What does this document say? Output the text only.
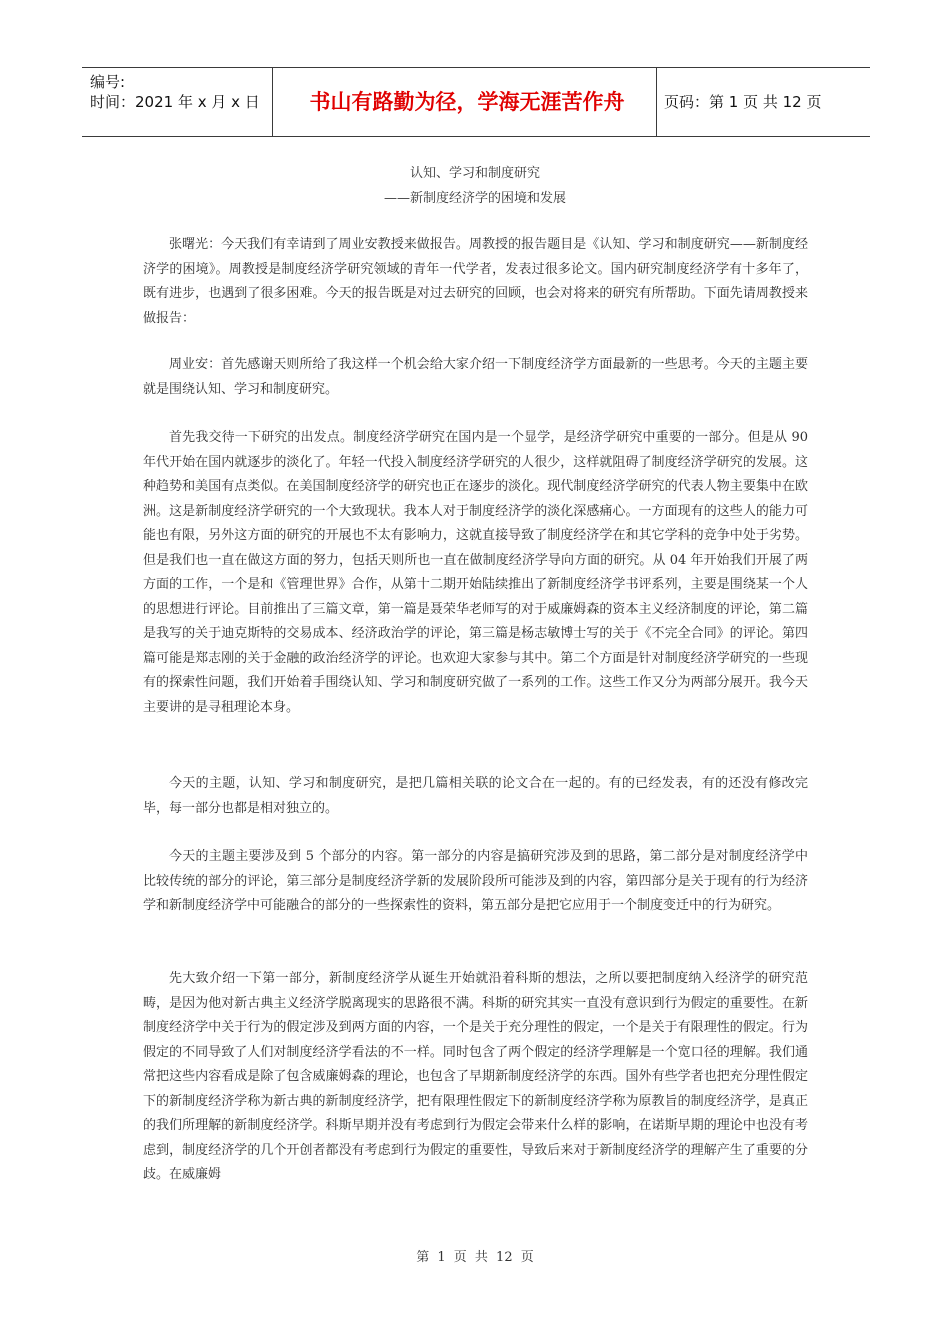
编号:
时间：2021 年 x 月 x 日	书山有路勤为径，学海无涯苦作舟	页码：第 1 页 共 12 页
认知、学习和制度研究
——新制度经济学的困境和发展

张曙光：今天我们有幸请到了周业安教授来做报告。周教授的报告题目是《认知、学习和制度研究——新制度经济学的困境》。周教授是制度经济学研究领域的青年一代学者，发表过很多论文。国内研究制度经济学有十多年了，既有进步，也遇到了很多困难。今天的报告既是对过去研究的回顾，也会对将来的研究有所帮助。下面先请周教授来做报告：

周业安：首先感谢天则所给了我这样一个机会给大家介绍一下制度经济学方面最新的一些思考。今天的主题主要就是围绕认知、学习和制度研究。

首先我交待一下研究的出发点。制度经济学研究在国内是一个显学，是经济学研究中重要的一部分。但是从 90 年代开始在国内就逐步的淡化了。年轻一代投入制度经济学研究的人很少，这样就阻碍了制度经济学研究的发展。这种趋势和美国有点类似。在美国制度经济学的研究也正在逐步的淡化。现代制度经济学研究的代表人物主要集中在欧洲。这是新制度经济学研究的一个大致现状。我本人对于制度经济学的淡化深感痛心。一方面现有的这些人的能力可能也有限，另外这方面的研究的开展也不太有影响力，这就直接导致了制度经济学在和其它学科的竞争中处于劣势。但是我们也一直在做这方面的努力，包括天则所也一直在做制度经济学导向方面的研究。从 04 年开始我们开展了两方面的工作，一个是和《管理世界》合作，从第十二期开始陆续推出了新制度经济学书评系列，主要是围绕某一个人的思想进行评论。目前推出了三篇文章，第一篇是聂荣华老师写的对于威廉姆森的资本主义经济制度的评论，第二篇是我写的关于迪克斯特的交易成本、经济政治学的评论，第三篇是杨志敏博士写的关于《不完全合同》的评论。第四篇可能是郑志刚的关于金融的政治经济学的评论。也欢迎大家参与其中。第二个方面是针对制度经济学研究的一些现有的探索性问题，我们开始着手围绕认知、学习和制度研究做了一系列的工作。这些工作又分为两部分展开。我今天主要讲的是寻租理论本身。

今天的主题，认知、学习和制度研究，是把几篇相关联的论文合在一起的。有的已经发表，有的还没有修改完毕，每一部分也都是相对独立的。

今天的主题主要涉及到 5 个部分的内容。第一部分的内容是搞研究涉及到的思路，第二部分是对制度经济学中比较传统的部分的评论，第三部分是制度经济学新的发展阶段所可能涉及到的内容，第四部分是关于现有的行为经济学和新制度经济学中可能融合的部分的一些探索性的资料，第五部分是把它应用于一个制度变迁中的行为研究。

先大致介绍一下第一部分，新制度经济学从诞生开始就沿着科斯的想法，之所以要把制度纳入经济学的研究范畴，是因为他对新古典主义经济学脱离现实的思路很不满。科斯的研究其实一直没有意识到行为假定的重要性。在新制度经济学中关于行为的假定涉及到两方面的内容，一个是关于充分理性的假定，一个是关于有限理性的假定。行为假定的不同导致了人们对制度经济学看法的不一样。同时包含了两个假定的经济学理解是一个宽口径的理解。我们通常把这些内容看成是除了包含威廉姆森的理论，也包含了早期新制度经济学的东西。国外有些学者也把充分理性假定下的新制度经济学称为新古典的新制度经济学，把有限理性假定下的新制度经济学称为原教旨的制度经济学，是真正的我们所理解的新制度经济学。科斯早期并没有考虑到行为假定会带来什么样的影响，在诺斯早期的理论中也没有考虑到，制度经济学的几个开创者都没有考虑到行为假定的重要性，导致后来对于新制度经济学的理解产生了重要的分歧。在威廉姆

第 1 页 共 12 页
